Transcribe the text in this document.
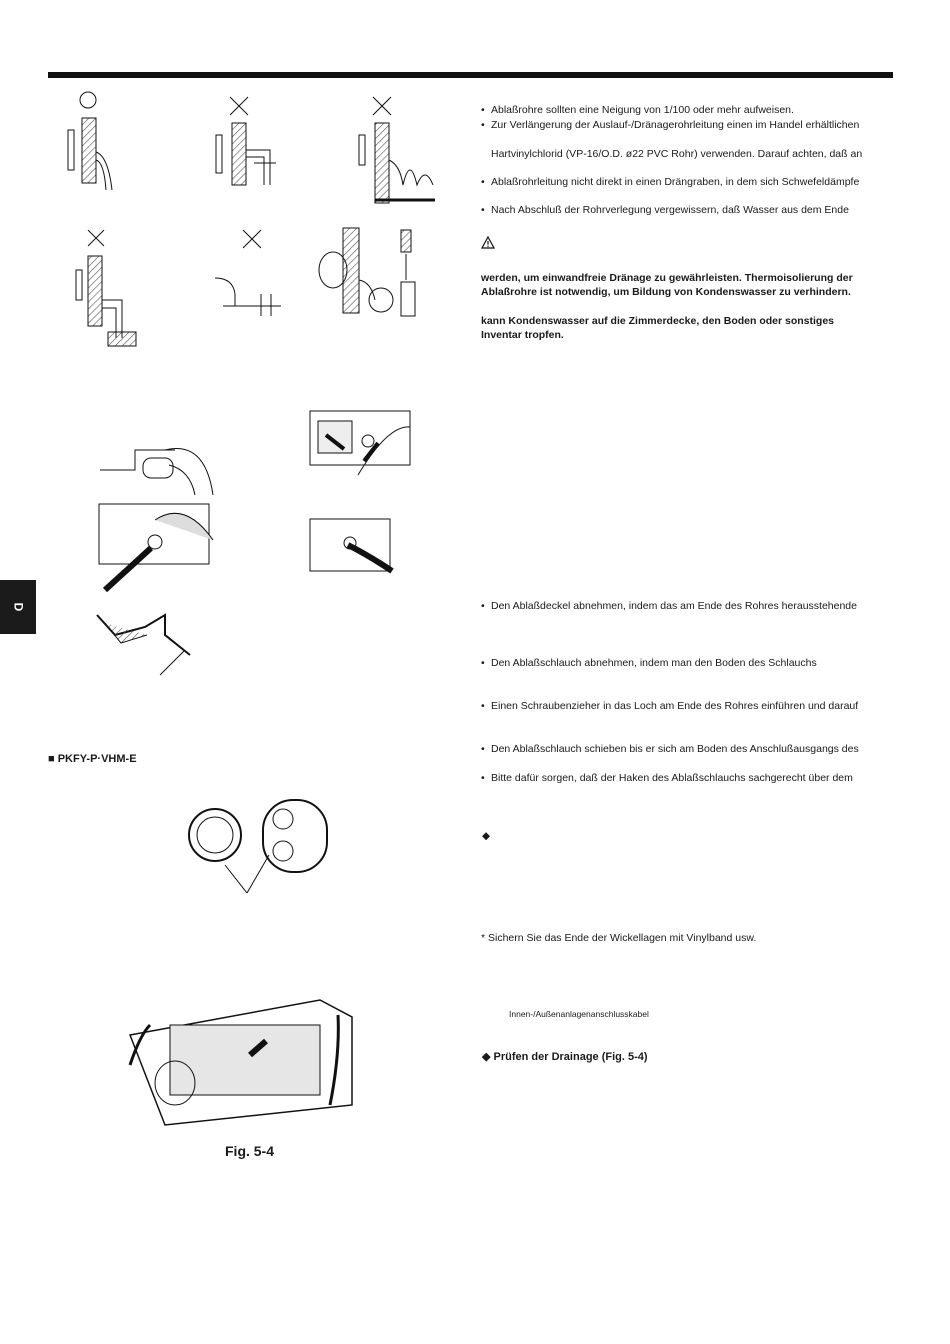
D
■ PKFY-P·VHM-E
Fig. 5-4
• Ablaßrohre sollten eine Neigung von 1/100 oder mehr aufweisen.
• Zur Verlängerung der Auslauf-/Dränagerohrleitung einen im Handel erhältlichen
Hartvinylchlorid (VP-16/O.D. ø22 PVC Rohr) verwenden. Darauf achten, daß an
• Ablaßrohrleitung nicht direkt in einen Drängraben, in dem sich Schwefeldämpfe
• Nach Abschluß der Rohrverlegung vergewissern, daß Wasser aus dem Ende
werden, um einwandfreie Dränage zu gewährleisten. Thermoisolierung der
Ablaßrohre ist notwendig, um Bildung von Kondenswasser zu verhindern.
kann Kondenswasser auf die Zimmerdecke, den Boden oder sonstiges
Inventar tropfen.
• Den Ablaßdeckel abnehmen, indem das am Ende des Rohres herausstehende
• Den Ablaßschlauch abnehmen, indem man den Boden des Schlauchs
• Einen Schraubenzieher in das Loch am Ende des Rohres einführen und darauf
• Den Ablaßschlauch schieben bis er sich am Boden des Anschlußausgangs des
• Bitte dafür sorgen, daß der Haken des Ablaßschlauchs sachgerecht über dem
◆
* Sichern Sie das Ende der Wickellagen mit Vinylband usw.
Innen-/Außenanlagenanschlusskabel
◆ Prüfen der Drainage (Fig. 5-4)
